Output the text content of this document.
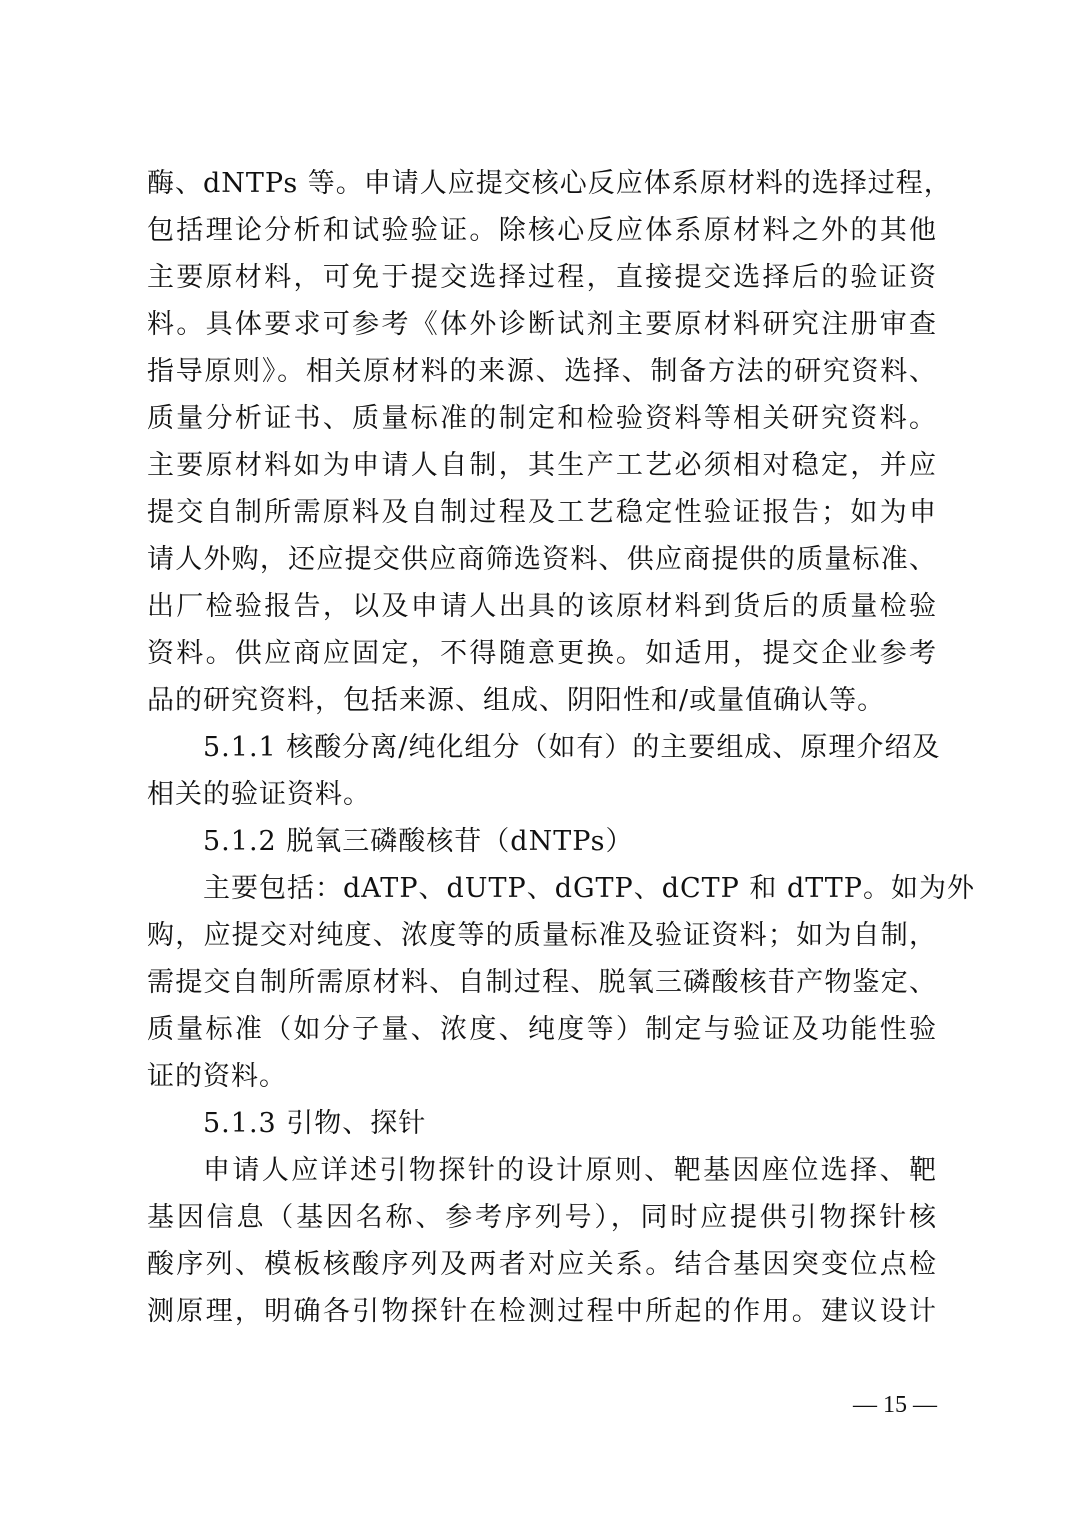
酶、dNTPs 等。申请人应提交核心反应体系原材料的选择过程，
包括理论分析和试验验证。除核心反应体系原材料之外的其他
主要原材料，可免于提交选择过程，直接提交选择后的验证资
料。具体要求可参考《体外诊断试剂主要原材料研究注册审查
指导原则》。相关原材料的来源、选择、制备方法的研究资料、
质量分析证书、质量标准的制定和检验资料等相关研究资料。
主要原材料如为申请人自制，其生产工艺必须相对稳定，并应
提交自制所需原料及自制过程及工艺稳定性验证报告；如为申
请人外购，还应提交供应商筛选资料、供应商提供的质量标准、
出厂检验报告，以及申请人出具的该原材料到货后的质量检验
资料。供应商应固定，不得随意更换。如适用，提交企业参考
品的研究资料，包括来源、组成、阴阳性和/或量值确认等。
5.1.1 核酸分离/纯化组分（如有）的主要组成、原理介绍及
相关的验证资料。
5.1.2 脱氧三磷酸核苷（dNTPs）
主要包括：dATP、dUTP、dGTP、dCTP 和 dTTP。如为外
购，应提交对纯度、浓度等的质量标准及验证资料；如为自制，
需提交自制所需原材料、自制过程、脱氧三磷酸核苷产物鉴定、
质量标准（如分子量、浓度、纯度等）制定与验证及功能性验
证的资料。
5.1.3 引物、探针
申请人应详述引物探针的设计原则、靶基因座位选择、靶
基因信息（基因名称、参考序列号），同时应提供引物探针核
酸序列、模板核酸序列及两者对应关系。结合基因突变位点检
测原理，明确各引物探针在检测过程中所起的作用。建议设计
— 15 —
